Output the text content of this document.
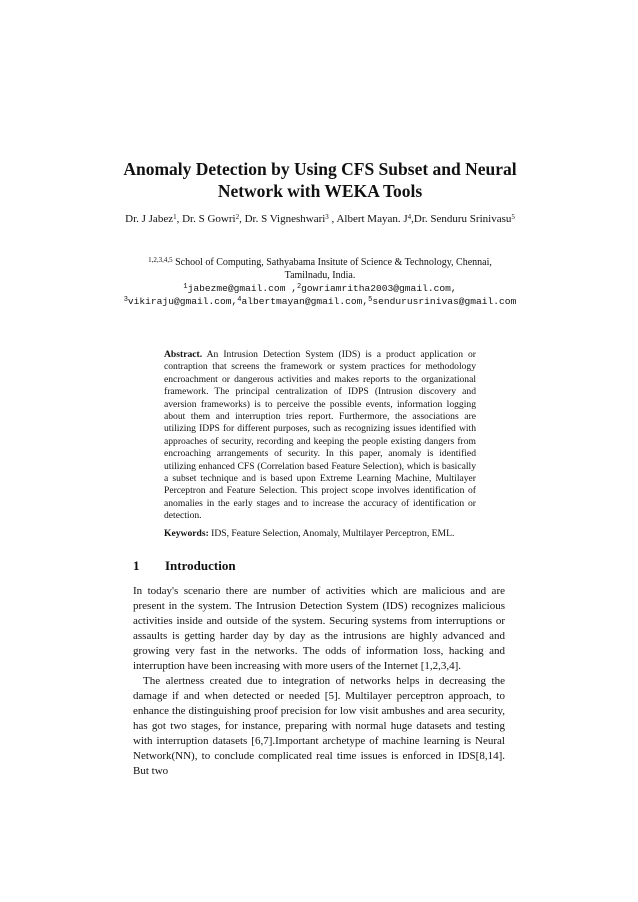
Anomaly Detection by Using CFS Subset and Neural Network with WEKA Tools
Dr. J Jabez$^1$, Dr. S Gowri$^2$, Dr. S Vigneshwari$^3$ , Albert Mayan. $J^4,Dr$. Senduru Srinivasu$^5$
$^{1,2,3,4,5}$ School of Computing, Sathyabama Insitute of Science & Technology, Chennai, Tamilnadu, India.
$^1$jabezme@gmail.com ,$^2$gowriamritha2003@gmail.com,
$^3$vikiraju@gmail.com,$^4$albertmayan@gmail.com,$^5$sendurusrinivas@gmail.com
Abstract. An Intrusion Detection System (IDS) is a product application or contraption that screens the framework or system practices for methodology encroachment or dangerous activities and makes reports to the organizational framework. The principal centralization of IDPS (Intrusion discovery and aversion frameworks) is to perceive the possible events, information logging about them and interruption tries report. Furthermore, the associations are utilizing IDPS for different purposes, such as recognizing issues identified with approaches of security, recording and keeping the people existing dangers from encroaching arrangements of security. In this paper, anomaly is identified utilizing enhanced CFS (Correlation based Feature Selection), which is basically a subset technique and is based upon Extreme Learning Machine, Multilayer Perceptron and Feature Selection. This project scope involves identification of anomalies in the early stages and to increase the accuracy of identification or detection.
Keywords: IDS, Feature Selection, Anomaly, Multilayer Perceptron, EML.
1 Introduction

In today's scenario there are number of activities which are malicious and are present in the system. The Intrusion Detection System (IDS) recognizes malicious activities inside and outside of the system. Securing systems from interruptions or assaults is getting harder day by day as the intrusions are highly advanced and growing very fast in the networks. The odds of information loss, hacking and interruption have been increasing with more users of the Internet [1,2,3,4].

The alertness created due to integration of networks helps in decreasing the damage if and when detected or needed [5]. Multilayer perceptron approach, to enhance the distinguishing proof precision for low visit ambushes and area security, has got two stages, for instance, preparing with normal huge datasets and testing with interruption datasets [6,7].Important archetype of machine learning is Neural Network(NN), to conclude complicated real time issues is enforced in IDS[8,14]. But two
